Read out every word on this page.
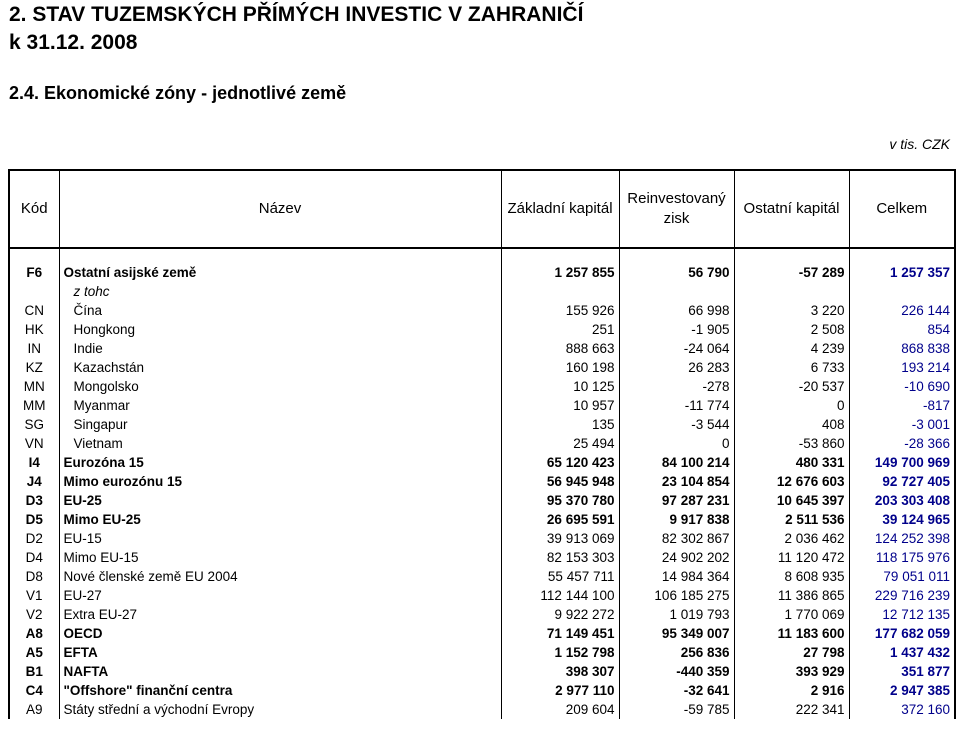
2. STAV TUZEMSKÝCH PŘÍMÝCH INVESTIC V ZAHRANIČÍ
k 31.12. 2008
2.4. Ekonomické zóny - jednotlivé země
v tis. CZK
Kód	Název	Základní kapitál	Reinvestovaný zisk	Ostatní kapitál	Celkem

F6	Ostatní asijské země	1 257 855	56 790	-57 289	1 257 357
	z tohc				
CN	Čína	155 926	66 998	3 220	226 144
HK	Hongkong	251	-1 905	2 508	854
IN	Indie	888 663	-24 064	4 239	868 838
KZ	Kazachstán	160 198	26 283	6 733	193 214
MN	Mongolsko	10 125	-278	-20 537	-10 690
MM	Myanmar	10 957	-11 774	0	-817
SG	Singapur	135	-3 544	408	-3 001
VN	Vietnam	25 494	0	-53 860	-28 366
I4	Eurozóna 15	65 120 423	84 100 214	480 331	149 700 969
J4	Mimo eurozónu 15	56 945 948	23 104 854	12 676 603	92 727 405
D3	EU-25	95 370 780	97 287 231	10 645 397	203 303 408
D5	Mimo EU-25	26 695 591	9 917 838	2 511 536	39 124 965
D2	EU-15	39 913 069	82 302 867	2 036 462	124 252 398
D4	Mimo EU-15	82 153 303	24 902 202	11 120 472	118 175 976
D8	Nové členské země EU 2004	55 457 711	14 984 364	8 608 935	79 051 011
V1	EU-27	112 144 100	106 185 275	11 386 865	229 716 239
V2	Extra EU-27	9 922 272	1 019 793	1 770 069	12 712 135
A8	OECD	71 149 451	95 349 007	11 183 600	177 682 059
A5	EFTA	1 152 798	256 836	27 798	1 437 432
B1	NAFTA	398 307	-440 359	393 929	351 877
C4	"Offshore" finanční centra	2 977 110	-32 641	2 916	2 947 385
A9	Státy střední a východní Evropy	209 604	-59 785	222 341	372 160
